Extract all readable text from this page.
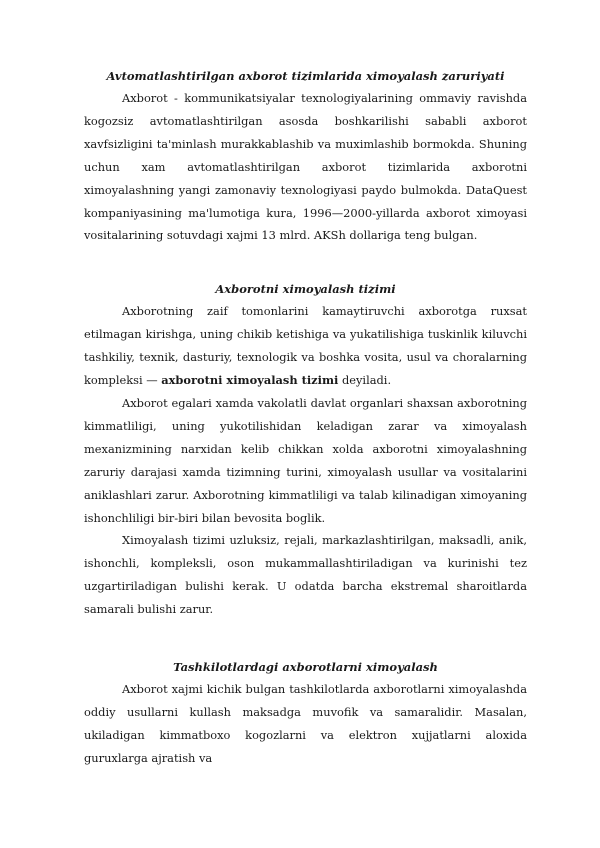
Avtomatlashtirilgan axborot tizimlarida ximoyalash zaruriyati

Axborot - kommunikatsiyalar texnologiyalarining ommaviy ravishda kogozsiz avtomatlashtirilgan asosda boshkarilishi sababli axborot xavfsizligini ta'minlash murakkablashib va muximlashib bormokda. Shuning uchun xam avtomatlashtirilgan axborot tizimlarida axborotni ximoyalashning yangi zamonaviy texnologiyasi paydo bulmokda. DataQuest kompaniyasining ma'lumotiga kura, 1996—2000-yillarda axborot ximoyasi vositalarining sotuvdagi xajmi 13 mlrd. AKSh dollariga teng bulgan.

Axborotni ximoyalash tizimi

Axborotning zaif tomonlarini kamaytiruvchi axborotga ruxsat etilmagan kirishga, uning chikib ketishiga va yukatilishiga tuskinlik kiluvchi tashkiliy, texnik, dasturiy, texnologik va boshka vosita, usul va choralarning kompleksi — axborotni ximoyalash tizimi deyiladi.

Axborot egalari xamda vakolatli davlat organlari shaxsan axborotning kimmatliligi, uning yukotilishidan keladigan zarar va ximoyalash mexanizmining narxidan kelib chikkan xolda axborotni ximoyalashning zaruriy darajasi xamda tizimning turini, ximoyalash usullar va vositalarini aniklashlari zarur. Axborotning kimmatliligi va talab kilinadigan ximoyaning ishonchliligi bir-biri bilan bevosita boglik.

Ximoyalash tizimi uzluksiz, rejali, markazlashtirilgan, maksadli, anik, ishonchli, kompleksli, oson mukammallashtiriladigan va kurinishi tez uzgartiriladigan bulishi kerak. U odatda barcha ekstremal sharoitlarda samarali bulishi zarur.

Tashkilotlardagi axborotlarni ximoyalash

Axborot xajmi kichik bulgan tashkilotlarda axborotlarni ximoyalashda oddiy usullarni kullash maksadga muvofik va samaralidir. Masalan, ukiladigan kimmatboxo kogozlarni va elektron xujjatlarni aloxida guruxlarga ajratish va
